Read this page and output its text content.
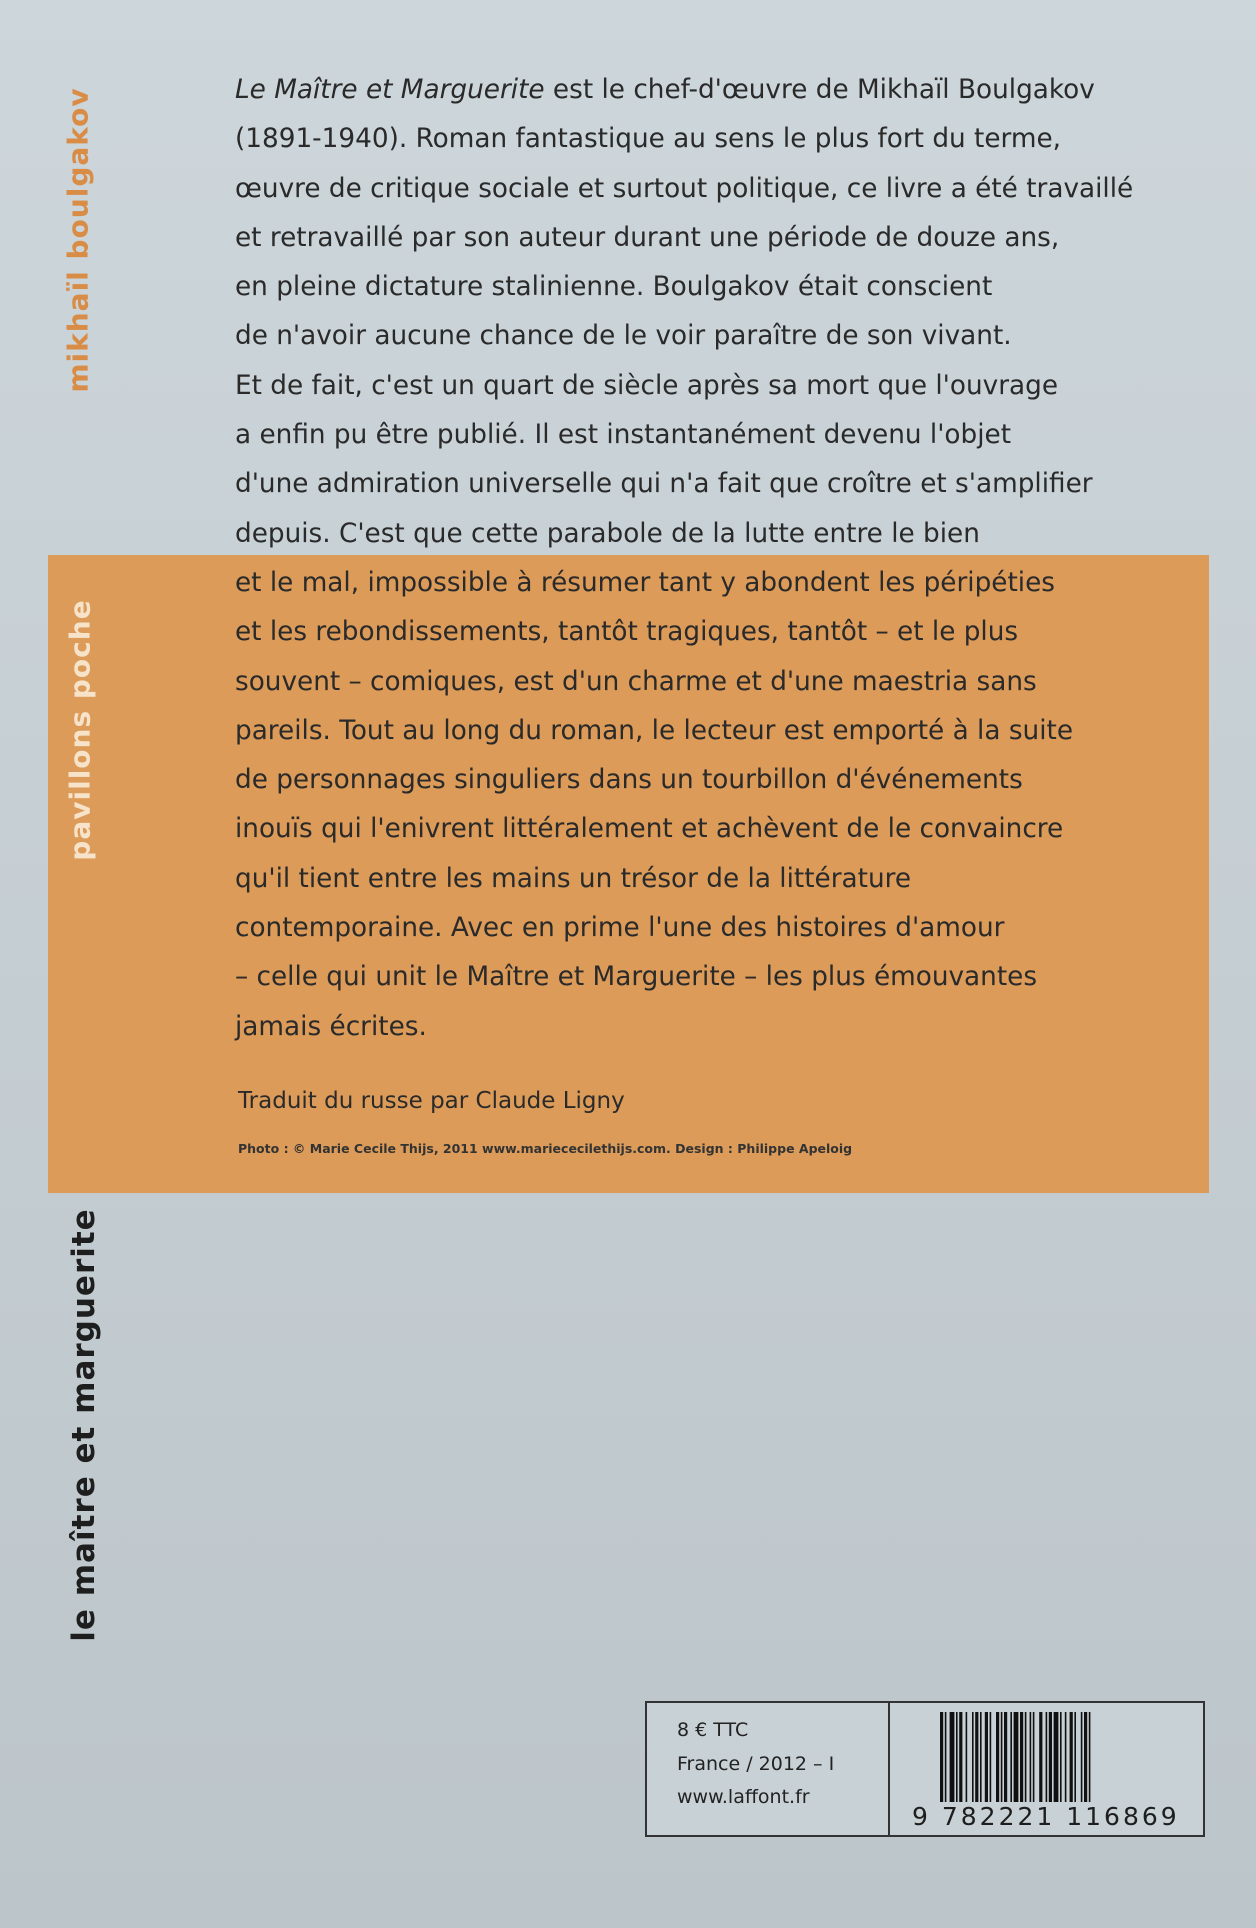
mikhaïl boulgakov
pavillons poche
le maître et marguerite
Le Maître et Marguerite est le chef-d'œuvre de Mikhaïl Boulgakov
(1891-1940). Roman fantastique au sens le plus fort du terme,
œuvre de critique sociale et surtout politique, ce livre a été travaillé
et retravaillé par son auteur durant une période de douze ans,
en pleine dictature stalinienne. Boulgakov était conscient
de n'avoir aucune chance de le voir paraître de son vivant.
Et de fait, c'est un quart de siècle après sa mort que l'ouvrage
a enfin pu être publié. Il est instantanément devenu l'objet
d'une admiration universelle qui n'a fait que croître et s'amplifier
depuis. C'est que cette parabole de la lutte entre le bien
et le mal, impossible à résumer tant y abondent les péripéties
et les rebondissements, tantôt tragiques, tantôt – et le plus
souvent – comiques, est d'un charme et d'une maestria sans
pareils. Tout au long du roman, le lecteur est emporté à la suite
de personnages singuliers dans un tourbillon d'événements
inouïs qui l'enivrent littéralement et achèvent de le convaincre
qu'il tient entre les mains un trésor de la littérature
contemporaine. Avec en prime l'une des histoires d'amour
– celle qui unit le Maître et Marguerite – les plus émouvantes
jamais écrites.
Traduit du russe par Claude Ligny
Photo : © Marie Cecile Thijs, 2011 www.mariececilethijs.com. Design : Philippe Apeloig
8 € TTC
France / 2012 – I
www.laffont.fr
9 782221 116869
